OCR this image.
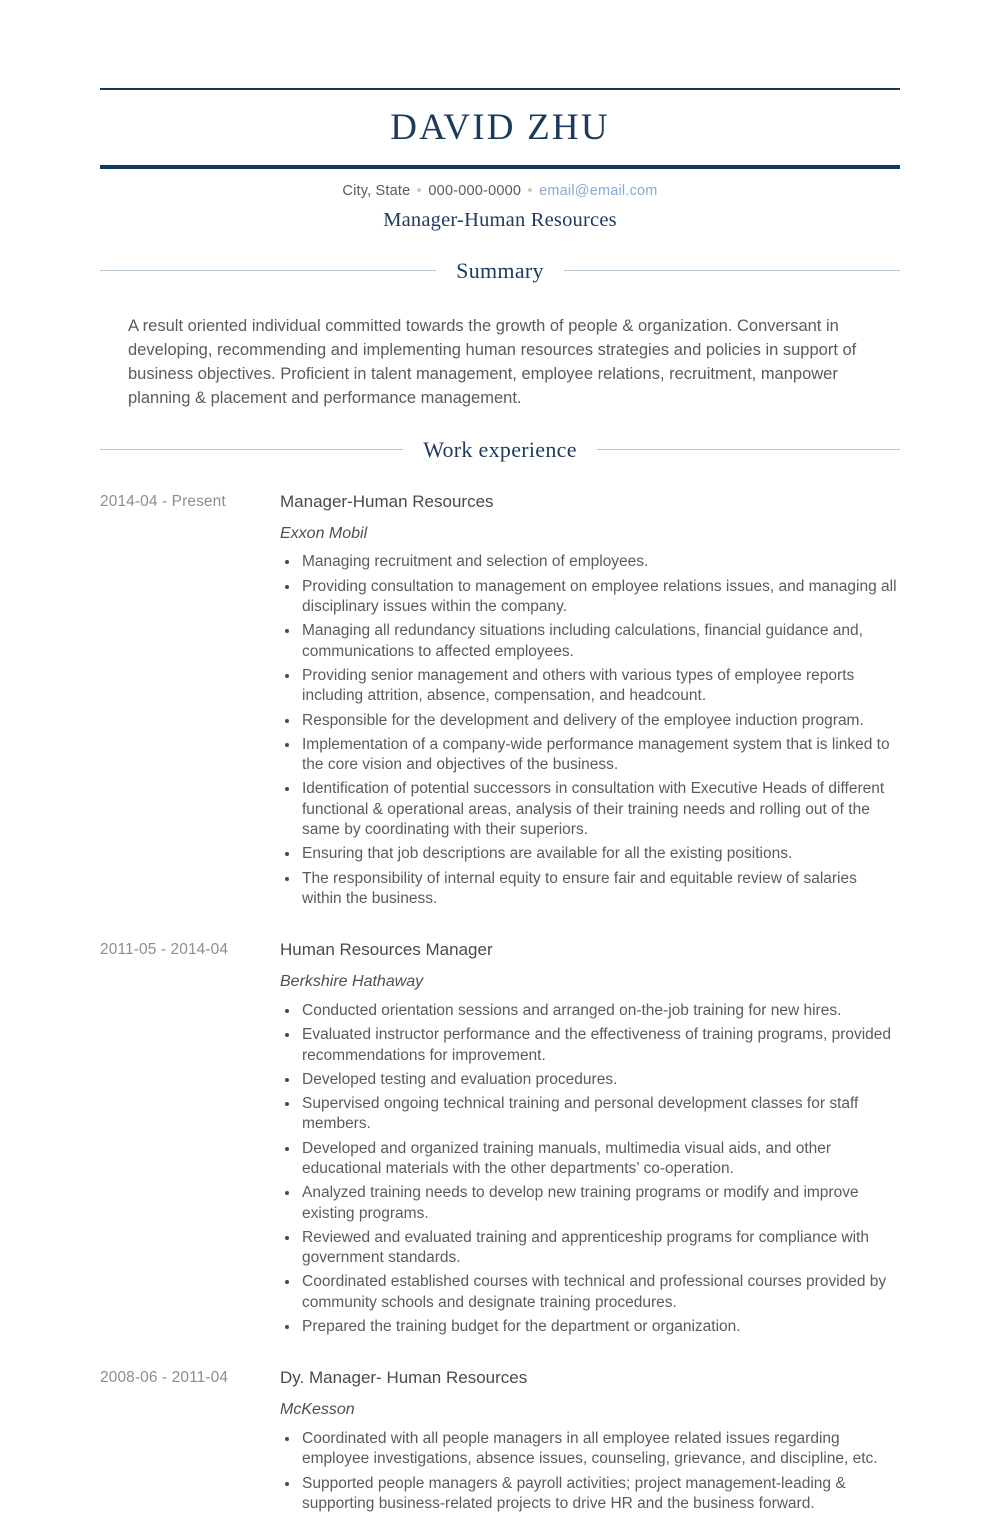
DAVID ZHU
City, State 000-000-0000 email@email.com
Manager-Human Resources
Summary
A result oriented individual committed towards the growth of people & organization. Conversant in developing, recommending and implementing human resources strategies and policies in support of business objectives. Proficient in talent management, employee relations, recruitment, manpower planning & placement and performance management.
Work experience
2014-04 - Present	Manager-Human Resources
Exxon Mobil
Managing recruitment and selection of employees.
Providing consultation to management on employee relations issues, and managing all disciplinary issues within the company.
Managing all redundancy situations including calculations, financial guidance and, communications to affected employees.
Providing senior management and others with various types of employee reports including attrition, absence, compensation, and headcount.
Responsible for the development and delivery of the employee induction program.
Implementation of a company-wide performance management system that is linked to the core vision and objectives of the business.
Identification of potential successors in consultation with Executive Heads of different functional & operational areas, analysis of their training needs and rolling out of the same by coordinating with their superiors.
Ensuring that job descriptions are available for all the existing positions.
The responsibility of internal equity to ensure fair and equitable review of salaries within the business.
2011-05 - 2014-04	Human Resources Manager
Berkshire Hathaway
Conducted orientation sessions and arranged on-the-job training for new hires.
Evaluated instructor performance and the effectiveness of training programs, provided recommendations for improvement.
Developed testing and evaluation procedures.
Supervised ongoing technical training and personal development classes for staff members.
Developed and organized training manuals, multimedia visual aids, and other educational materials with the other departments’ co-operation.
Analyzed training needs to develop new training programs or modify and improve existing programs.
Reviewed and evaluated training and apprenticeship programs for compliance with government standards.
Coordinated established courses with technical and professional courses provided by community schools and designate training procedures.
Prepared the training budget for the department or organization.
2008-06 - 2011-04	Dy. Manager- Human Resources
McKesson
Coordinated with all people managers in all employee related issues regarding employee investigations, absence issues, counseling, grievance, and discipline, etc.
Supported people managers & payroll activities; project management-leading & supporting business-related projects to drive HR and the business forward.
